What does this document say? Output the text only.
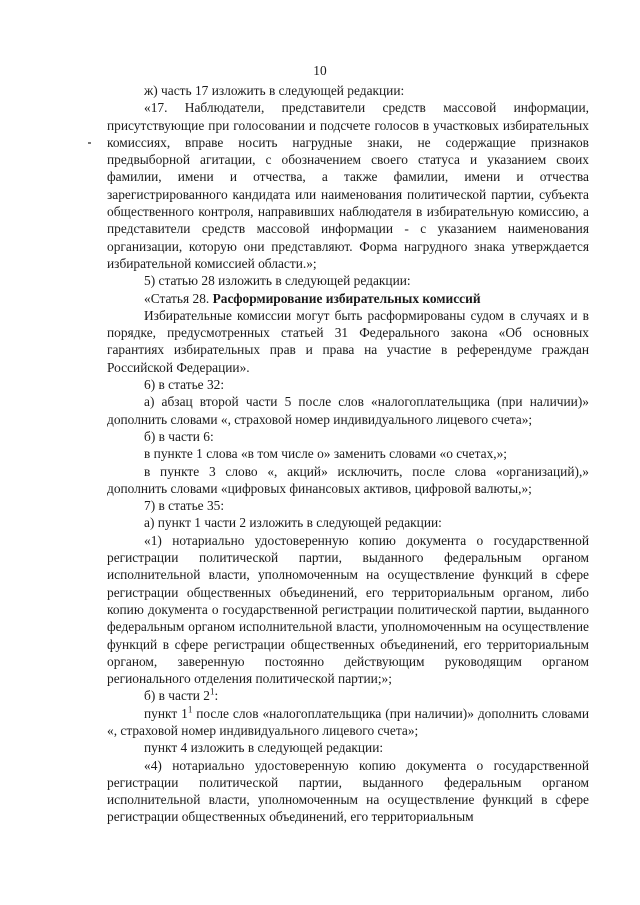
10

ж) часть 17 изложить в следующей редакции:

«17. Наблюдатели, представители средств массовой информации, присутствующие при голосовании и подсчете голосов в участковых избирательных комиссиях, вправе носить нагрудные знаки, не содержащие признаков предвыборной агитации, с обозначением своего статуса и указанием своих фамилии, имени и отчества, а также фамилии, имени и отчества зарегистрированного кандидата или наименования политической партии, субъекта общественного контроля, направивших наблюдателя в избирательную комиссию, а представители средств массовой информации - с указанием наименования организации, которую они представляют. Форма нагрудного знака утверждается избирательной комиссией области.»;

5) статью 28 изложить в следующей редакции:

«Статья 28. Расформирование избирательных комиссий

Избирательные комиссии могут быть расформированы судом в случаях и в порядке, предусмотренных статьей 31 Федерального закона «Об основных гарантиях избирательных прав и права на участие в референдуме граждан Российской Федерации».

6) в статье 32:

а) абзац второй части 5 после слов «налогоплательщика (при наличии)» дополнить словами «, страховой номер индивидуального лицевого счета»;

б) в части 6:

в пункте 1 слова «в том числе о» заменить словами «о счетах,»;

в пункте 3 слово «, акций» исключить, после слова «организаций),» дополнить словами «цифровых финансовых активов, цифровой валюты,»;

7) в статье 35:

а) пункт 1 части 2 изложить в следующей редакции:

«1) нотариально удостоверенную копию документа о государственной регистрации политической партии, выданного федеральным органом исполнительной власти, уполномоченным на осуществление функций в сфере регистрации общественных объединений, его территориальным органом, либо копию документа о государственной регистрации политической партии, выданного федеральным органом исполнительной власти, уполномоченным на осуществление функций в сфере регистрации общественных объединений, его территориальным органом, заверенную постоянно действующим руководящим органом регионального отделения политической партии;»;

б) в части $2^1$:

пункт $1^1$ после слов «налогоплательщика (при наличии)» дополнить словами «, страховой номер индивидуального лицевого счета»;

пункт 4 изложить в следующей редакции:

«4) нотариально удостоверенную копию документа о государственной регистрации политической партии, выданного федеральным органом исполнительной власти, уполномоченным на осуществление функций в сфере регистрации общественных объединений, его территориальным
